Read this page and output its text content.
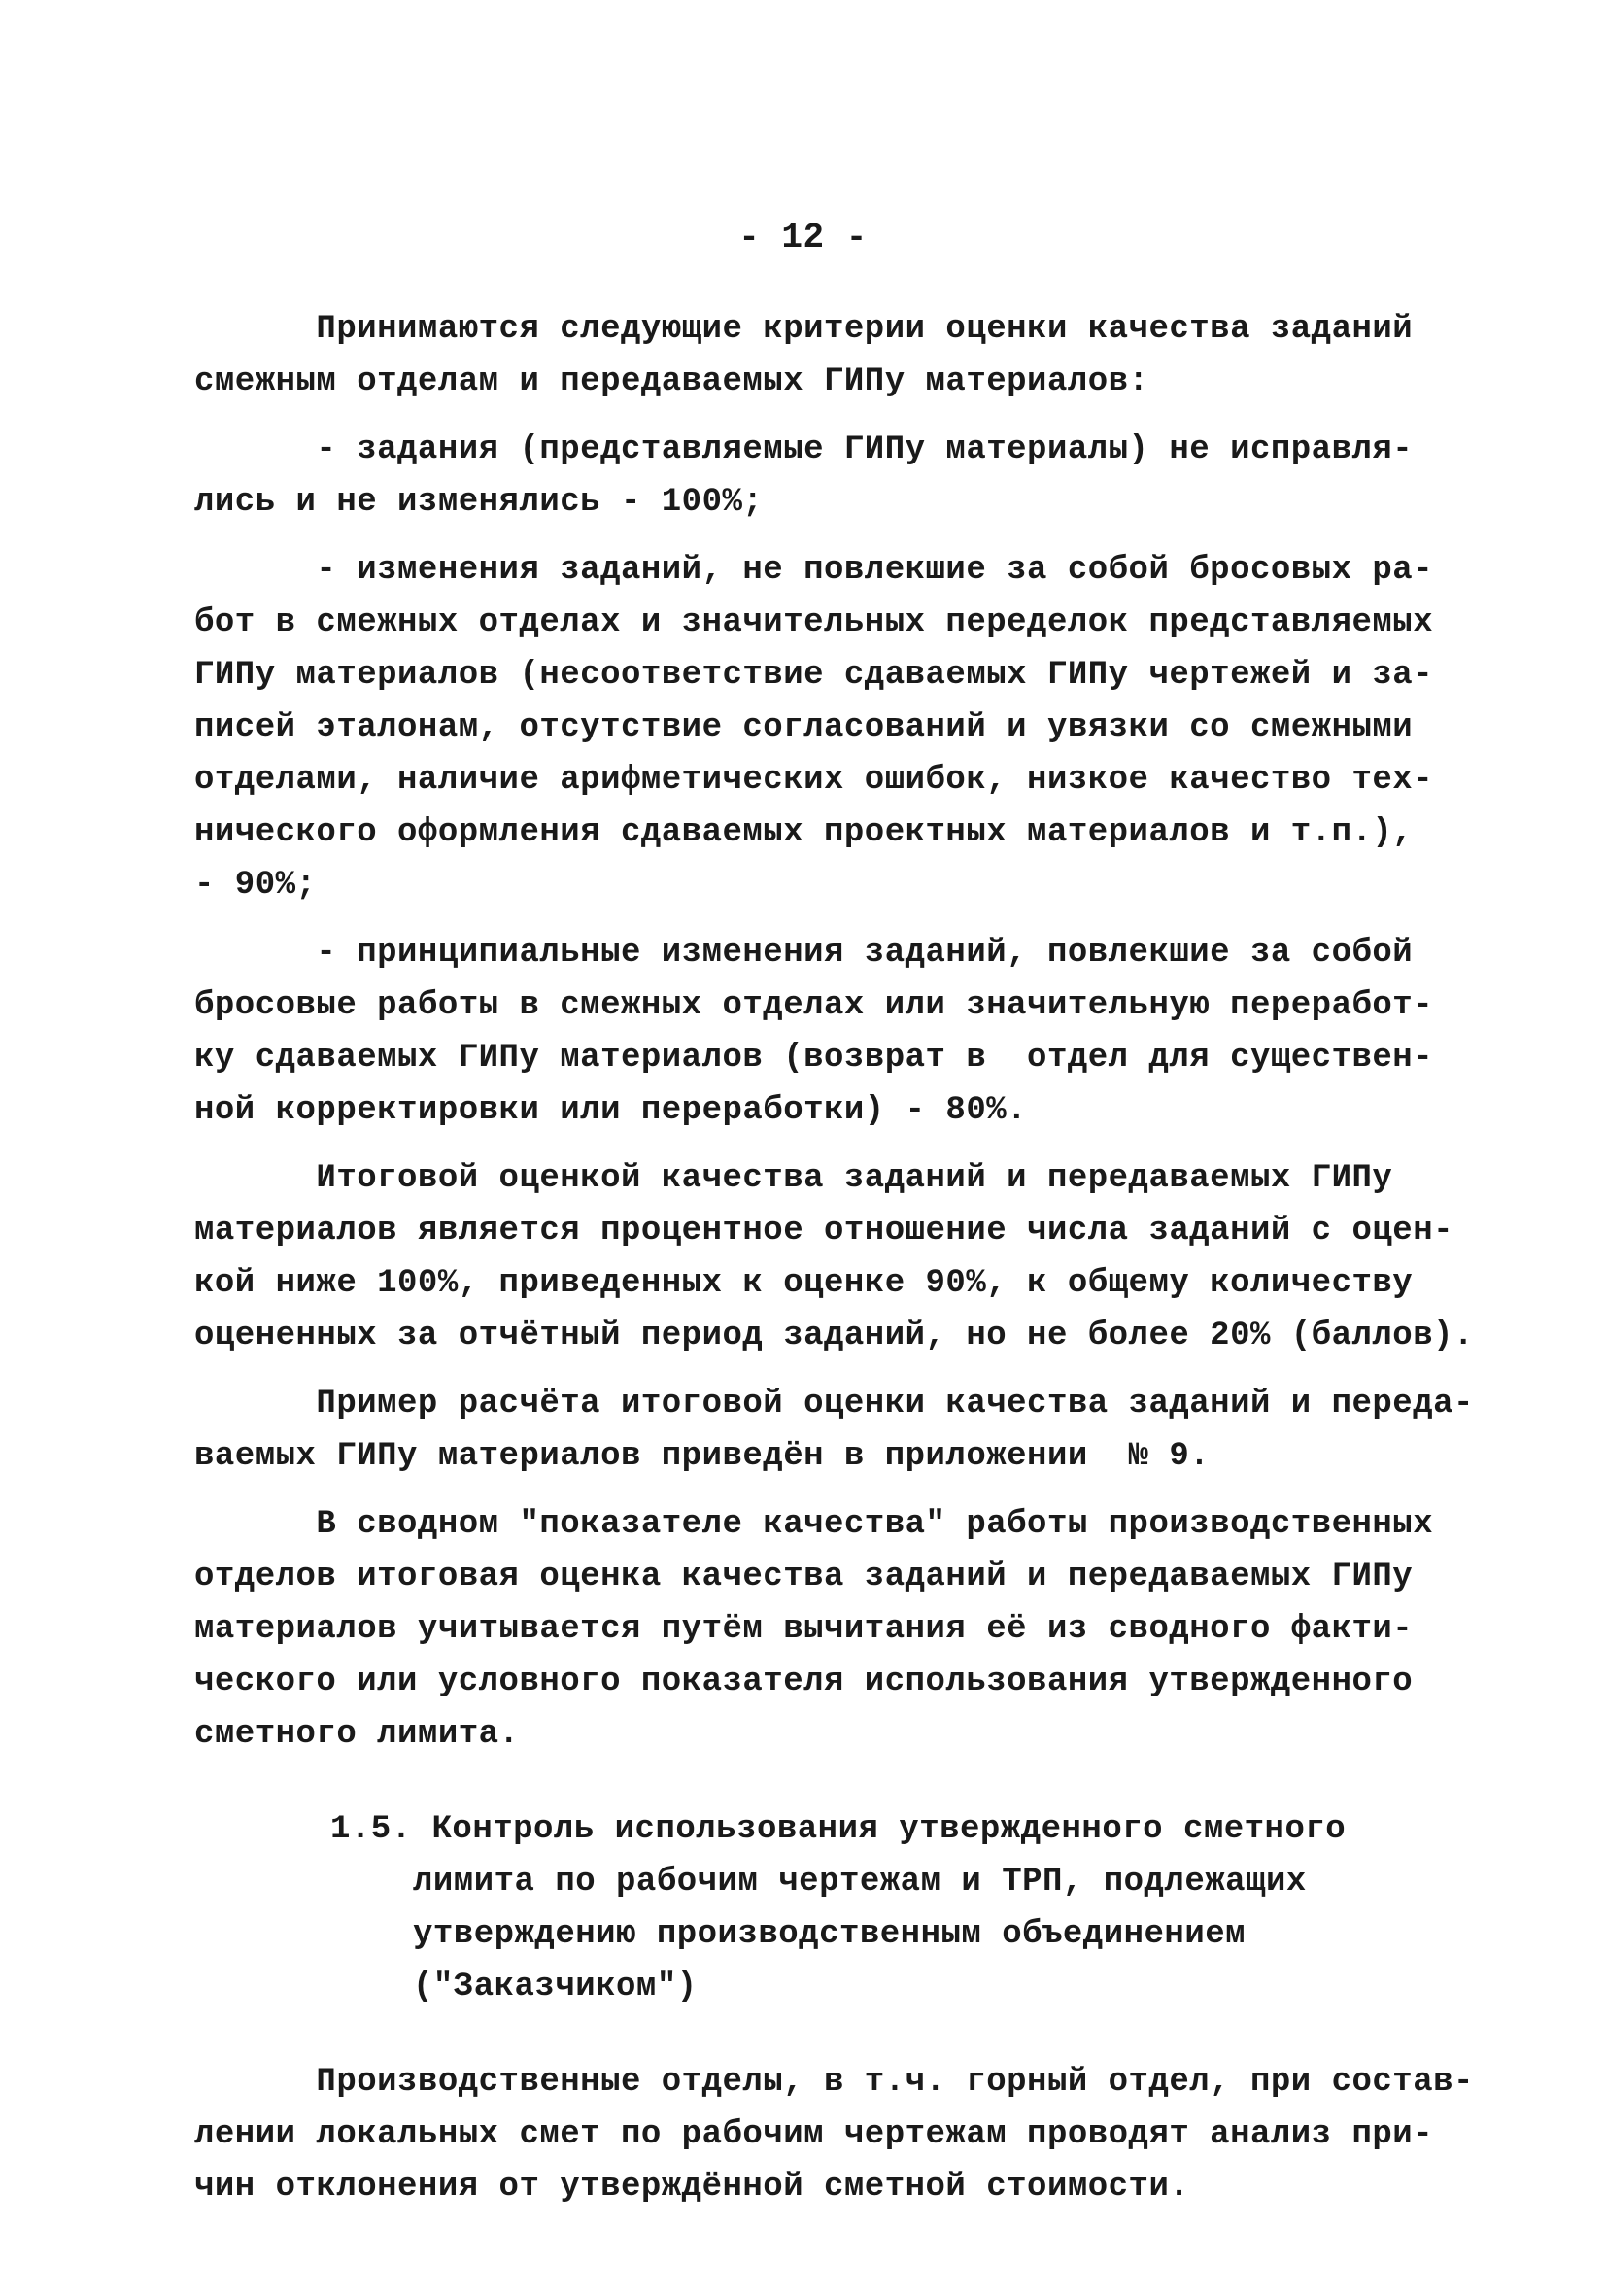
- 12 -
Принимаются следующие критерии оценки качества заданий
смежным отделам и передаваемых ГИПу материалов:
- задания (представляемые ГИПу материалы) не исправля-
лись и не изменялись - 100%;
- изменения заданий, не повлекшие за собой бросовых ра-
бот в смежных отделах и значительных переделок представляемых
ГИПу материалов (несоответствие сдаваемых ГИПу чертежей и за-
писей эталонам, отсутствие согласований и увязки со смежными
отделами, наличие арифметических ошибок, низкое качество тех-
нического оформления сдаваемых проектных материалов и т.п.),
- 90%;
- принципиальные изменения заданий, повлекшие за собой
бросовые работы в смежных отделах или значительную переработ-
ку сдаваемых ГИПу материалов (возврат в  отдел для существен-
ной корректировки или переработки) - 80%.
Итоговой оценкой качества заданий и передаваемых ГИПу
материалов является процентное отношение числа заданий с оцен-
кой ниже 100%, приведенных к оценке 90%, к общему количеству
оцененных за отчётный период заданий, но не более 20% (баллов).
Пример расчёта итоговой оценки качества заданий и переда-
ваемых ГИПу материалов приведён в приложении  № 9.
В сводном "показателе качества" работы производственных
отделов итоговая оценка качества заданий и передаваемых ГИПу
материалов учитывается путём вычитания её из сводного факти-
ческого или условного показателя использования утвержденного
сметного лимита.
1.5. Контроль использования утвержденного сметного
лимита по рабочим чертежам и ТРП, подлежащих
утверждению производственным объединением
("Заказчиком")
Производственные отделы, в т.ч. горный отдел, при состав-
лении локальных смет по рабочим чертежам проводят анализ при-
чин отклонения от утверждённой сметной стоимости.
